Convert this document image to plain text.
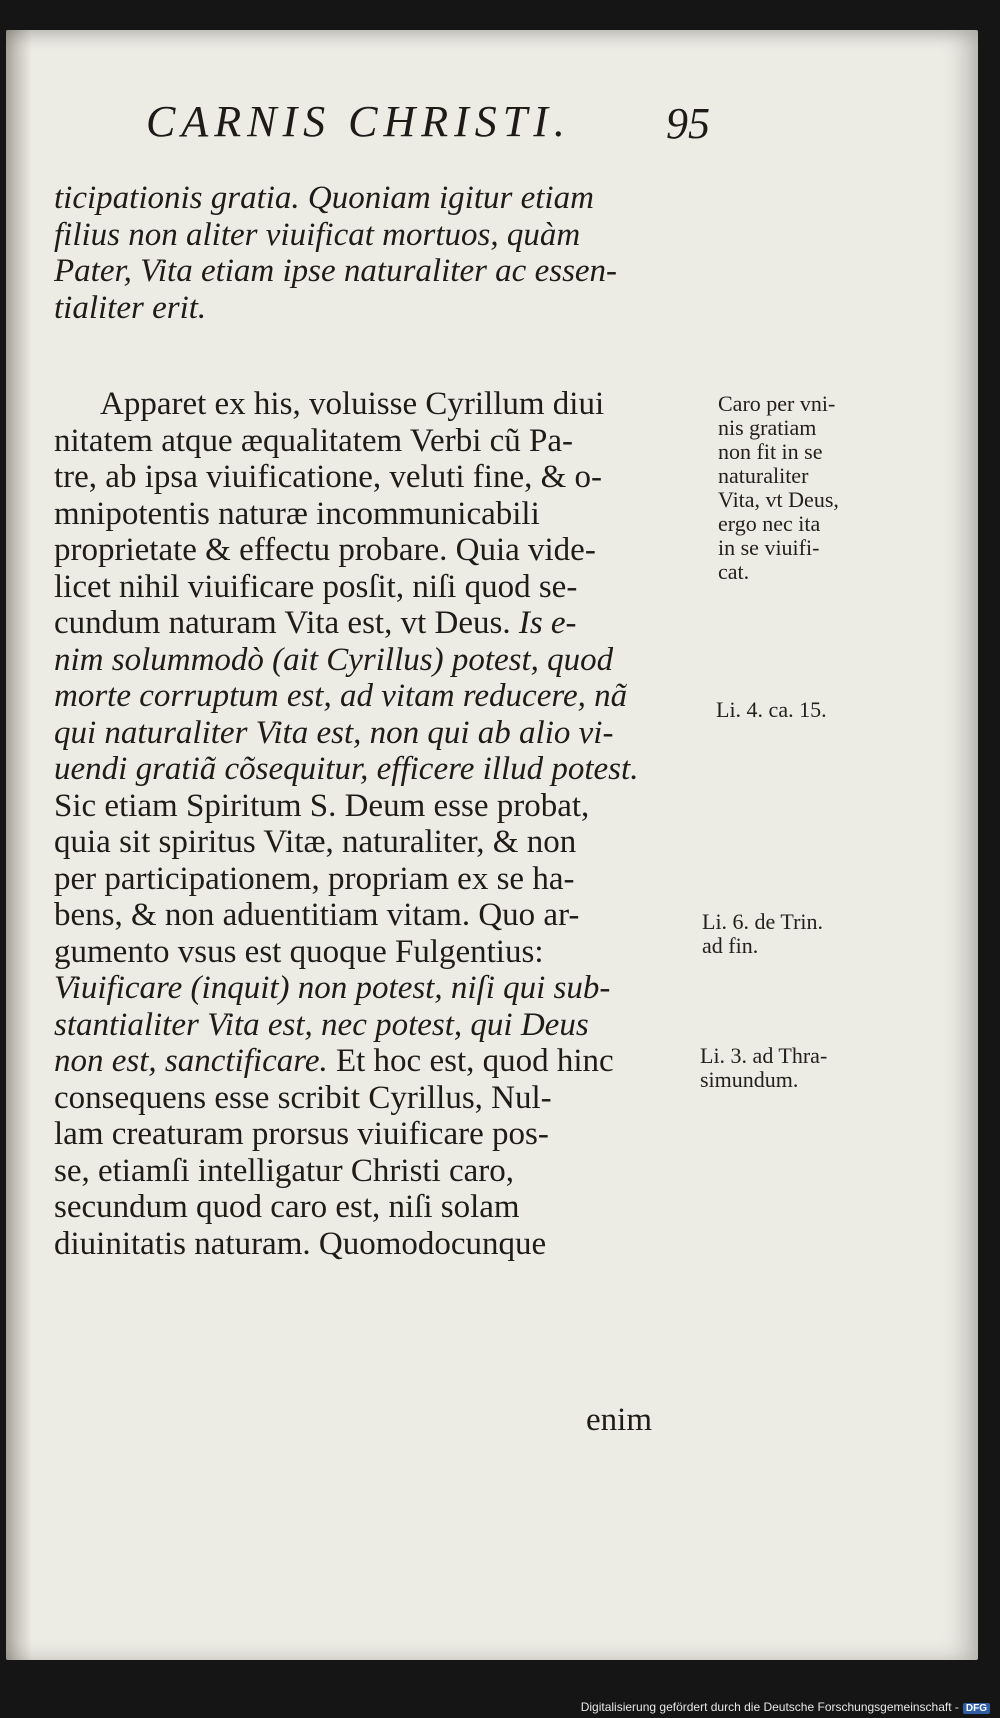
CARNIS CHRISTI.	95
ticipationis gratia. Quoniam igitur etiam
filius non aliter viuificat mortuos, quàm
Pater, Vita etiam ipse naturaliter ac essen-
tialiter erit.
Apparet ex his, voluisse Cyrillum diui
nitatem atque æqualitatem Verbi cũ Pa-
tre, ab ipsa viuificatione, veluti fine, & o-
mnipotentis naturæ incommunicabili
proprietate & effectu probare. Quia vide-
licet nihil viuificare posſit, niſi quod se-
cundum naturam Vita est, vt Deus. Is e-
nim solummodò (ait Cyrillus) potest, quod
morte corruptum est, ad vitam reducere, nã
qui naturaliter Vita est, non qui ab alio vi-
uendi gratiã cõsequitur, efficere illud potest.
Sic etiam Spiritum S. Deum esse probat,
quia sit spiritus Vitæ, naturaliter, & non
per participationem, propriam ex se ha-
bens, & non aduentitiam vitam. Quo ar-
gumento vsus est quoque Fulgentius:
Viuificare (inquit) non potest, niſi qui sub-
stantialiter Vita est, nec potest, qui Deus
non est, sanctificare. Et hoc est, quod hinc
consequens esse scribit Cyrillus, Nul-
lam creaturam prorsus viuificare pos-
se, etiamſi intelligatur Christi caro,
secundum quod caro est, niſi solam
diuinitatis naturam. Quomodocunque
enim
Caro per vni-
nis gratiam
non fit in se
naturaliter
Vita, vt Deus,
ergo nec ita
in se viuifi-
cat.
Li. 4. ca. 15.
Li. 6. de Trin.
ad fin.
Li. 3. ad Thra-
simundum.
Digitalisierung gefördert durch die Deutsche Forschungsgemeinschaft - DFG
